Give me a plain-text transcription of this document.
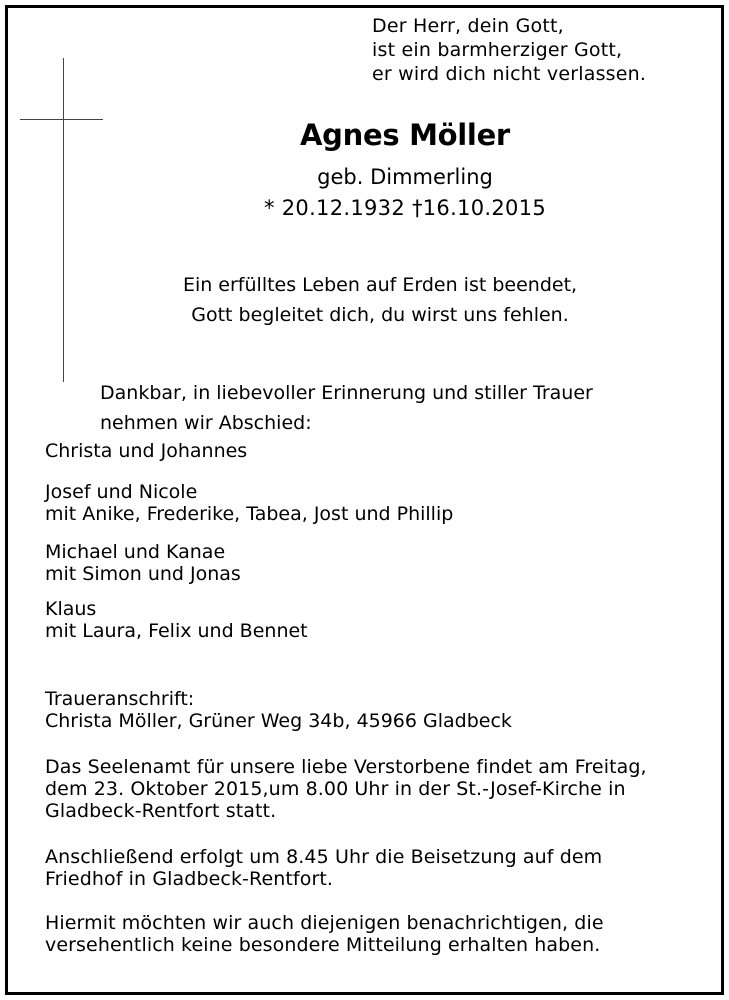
Der Herr, dein Gott,
ist ein barmherziger Gott,
er wird dich nicht verlassen.
Agnes Möller
geb. Dimmerling
* 20.12.1932 †16.10.2015
Ein erfülltes Leben auf Erden ist beendet,
Gott begleitet dich, du wirst uns fehlen.
Dankbar, in liebevoller Erinnerung und stiller Trauer
nehmen wir Abschied:
Christa und Johannes
Josef und Nicole
mit Anike, Frederike, Tabea, Jost und Phillip
Michael und Kanae
mit Simon und Jonas
Klaus
mit Laura, Felix und Bennet
Traueranschrift:
Christa Möller, Grüner Weg 34b, 45966 Gladbeck
Das Seelenamt für unsere liebe Verstorbene findet am Freitag,
dem 23. Oktober 2015,um 8.00 Uhr in der St.-Josef-Kirche in
Gladbeck-Rentfort statt.
Anschließend erfolgt um 8.45 Uhr die Beisetzung auf dem
Friedhof in Gladbeck-Rentfort.
Hiermit möchten wir auch diejenigen benachrichtigen, die
versehentlich keine besondere Mitteilung erhalten haben.
